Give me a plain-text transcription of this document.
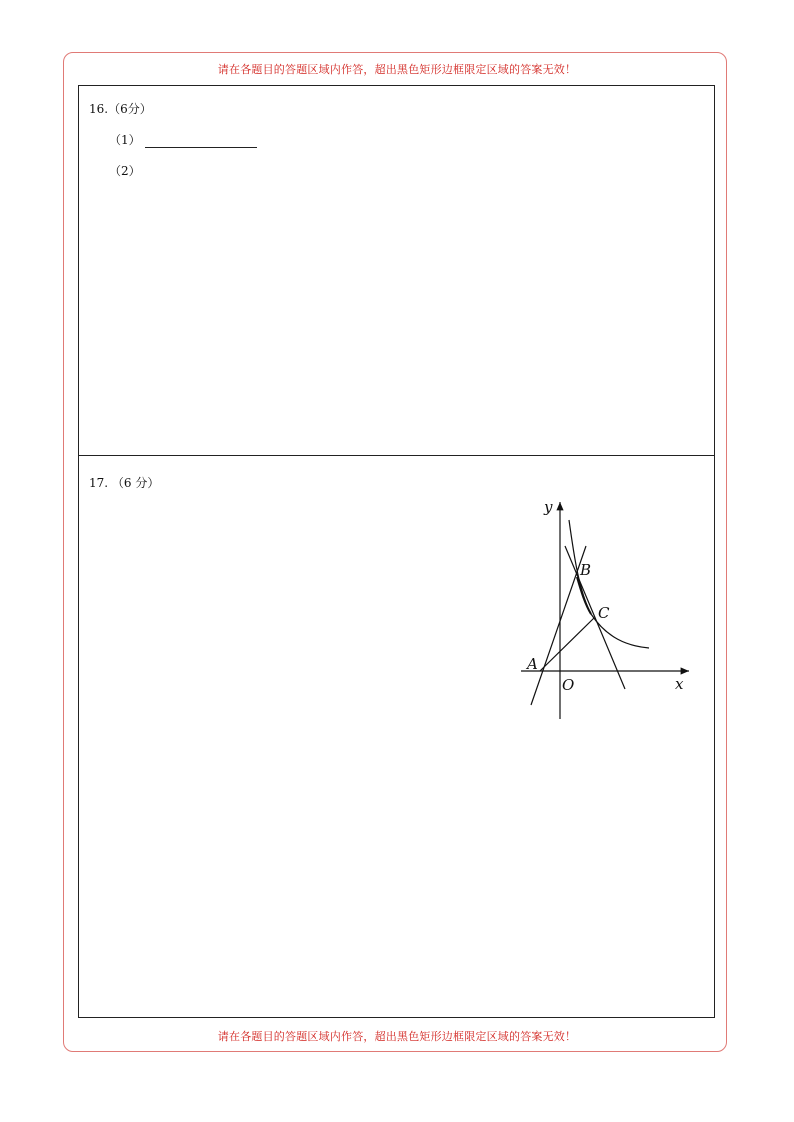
请在各题目的答题区域内作答，超出黑色矩形边框限定区域的答案无效！
16.（6分）
（1）
（2）
17. （6 分）
y
x
O
A
B
C
请在各题目的答题区域内作答，超出黑色矩形边框限定区域的答案无效！
